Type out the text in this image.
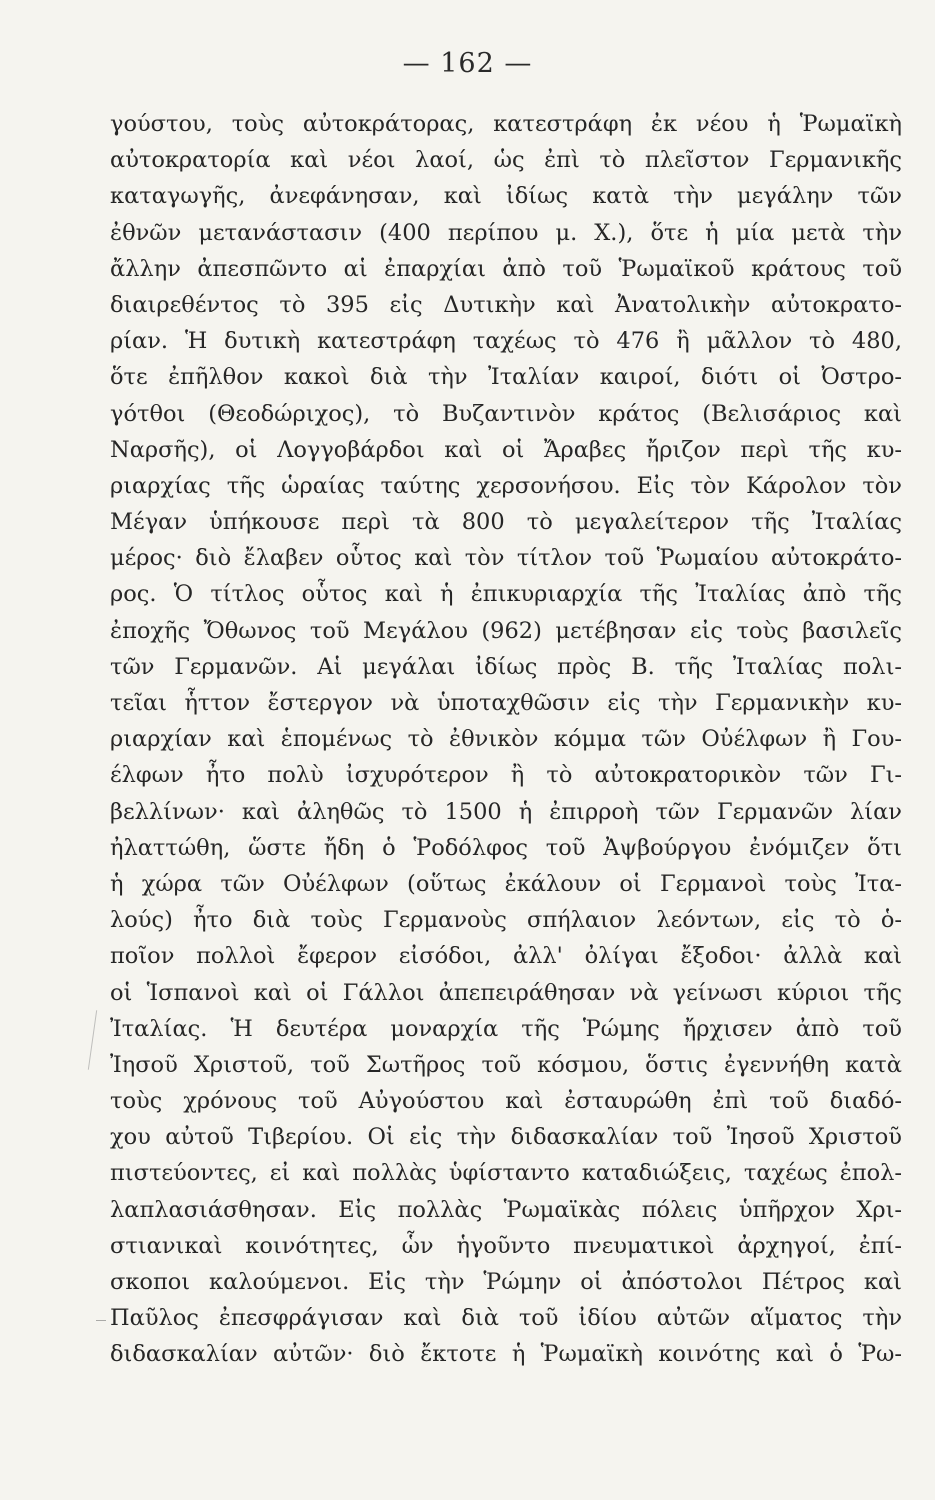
— 162 —
γούστου, τοὺς αὐτοκράτορας, κατεστράφη ἐκ νέου ἡ Ῥωμαϊκὴ
αὐτοκρατορία καὶ νέοι λαοί, ὡς ἐπὶ τὸ πλεῖστον Γερμανικῆς
καταγωγῆς, ἀνεφάνησαν, καὶ ἰδίως κατὰ τὴν μεγάλην τῶν
ἐθνῶν μετανάστασιν (400 περίπου μ. Χ.), ὅτε ἡ μία μετὰ τὴν
ἄλλην ἀπεσπῶντο αἱ ἐπαρχίαι ἀπὸ τοῦ Ῥωμαϊκοῦ κράτους τοῦ
διαιρεθέντος τὸ 395 εἰς Δυτικὴν καὶ Ἀνατολικὴν αὐτοκρατο-
ρίαν. Ἡ δυτικὴ κατεστράφη ταχέως τὸ 476 ἢ μᾶλλον τὸ 480,
ὅτε ἐπῆλθον κακοὶ διὰ τὴν Ἰταλίαν καιροί, διότι οἱ Ὀστρο-
γότθοι (Θεοδώριχος), τὸ Βυζαντινὸν κράτος (Βελισάριος καὶ
Ναρσῆς), οἱ Λογγοβάρδοι καὶ οἱ Ἄραβες ἤριζον περὶ τῆς κυ-
ριαρχίας τῆς ὡραίας ταύτης χερσονήσου. Εἰς τὸν Κάρολον τὸν
Μέγαν ὑπήκουσε περὶ τὰ 800 τὸ μεγαλείτερον τῆς Ἰταλίας
μέρος· διὸ ἔλαβεν οὗτος καὶ τὸν τίτλον τοῦ Ῥωμαίου αὐτοκράτο-
ρος. Ὁ τίτλος οὗτος καὶ ἡ ἐπικυριαρχία τῆς Ἰταλίας ἀπὸ τῆς
ἐποχῆς Ὄθωνος τοῦ Μεγάλου (962) μετέβησαν εἰς τοὺς βασιλεῖς
τῶν Γερμανῶν. Αἱ μεγάλαι ἰδίως πρὸς Β. τῆς Ἰταλίας πολι-
τεῖαι ἧττον ἔστεργον νὰ ὑποταχθῶσιν εἰς τὴν Γερμανικὴν κυ-
ριαρχίαν καὶ ἑπομένως τὸ ἐθνικὸν κόμμα τῶν Οὐέλφων ἢ Γου-
έλφων ἦτο πολὺ ἰσχυρότερον ἢ τὸ αὐτοκρατορικὸν τῶν Γι-
βελλίνων· καὶ ἀληθῶς τὸ 1500 ἡ ἐπιρροὴ τῶν Γερμανῶν λίαν
ἠλαττώθη, ὥστε ἤδη ὁ Ῥοδόλφος τοῦ Ἀψβούργου ἐνόμιζεν ὅτι
ἡ χώρα τῶν Οὐέλφων (οὕτως ἐκάλουν οἱ Γερμανοὶ τοὺς Ἰτα-
λούς) ἦτο διὰ τοὺς Γερμανοὺς σπήλαιον λεόντων, εἰς τὸ ὁ-
ποῖον πολλοὶ ἔφερον εἰσόδοι, ἀλλ' ὀλίγαι ἔξοδοι· ἀλλὰ καὶ
οἱ Ἱσπανοὶ καὶ οἱ Γάλλοι ἀπεπειράθησαν νὰ γείνωσι κύριοι τῆς
Ἰταλίας. Ἡ δευτέρα μοναρχία τῆς Ῥώμης ἤρχισεν ἀπὸ τοῦ
Ἰησοῦ Χριστοῦ, τοῦ Σωτῆρος τοῦ κόσμου, ὅστις ἐγεννήθη κατὰ
τοὺς χρόνους τοῦ Αὐγούστου καὶ ἐσταυρώθη ἐπὶ τοῦ διαδό-
χου αὐτοῦ Τιβερίου. Οἱ εἰς τὴν διδασκαλίαν τοῦ Ἰησοῦ Χριστοῦ
πιστεύοντες, εἰ καὶ πολλὰς ὑφίσταντο καταδιώξεις, ταχέως ἐπολ-
λαπλασιάσθησαν. Εἰς πολλὰς Ῥωμαϊκὰς πόλεις ὑπῆρχον Χρι-
στιανικαὶ κοινότητες, ὧν ἡγοῦντο πνευματικοὶ ἀρχηγοί, ἐπί-
σκοποι καλούμενοι. Εἰς τὴν Ῥώμην οἱ ἀπόστολοι Πέτρος καὶ
Παῦλος ἐπεσφράγισαν καὶ διὰ τοῦ ἰδίου αὐτῶν αἵματος τὴν
διδασκαλίαν αὐτῶν· διὸ ἔκτοτε ἡ Ῥωμαϊκὴ κοινότης καὶ ὁ Ῥω-
